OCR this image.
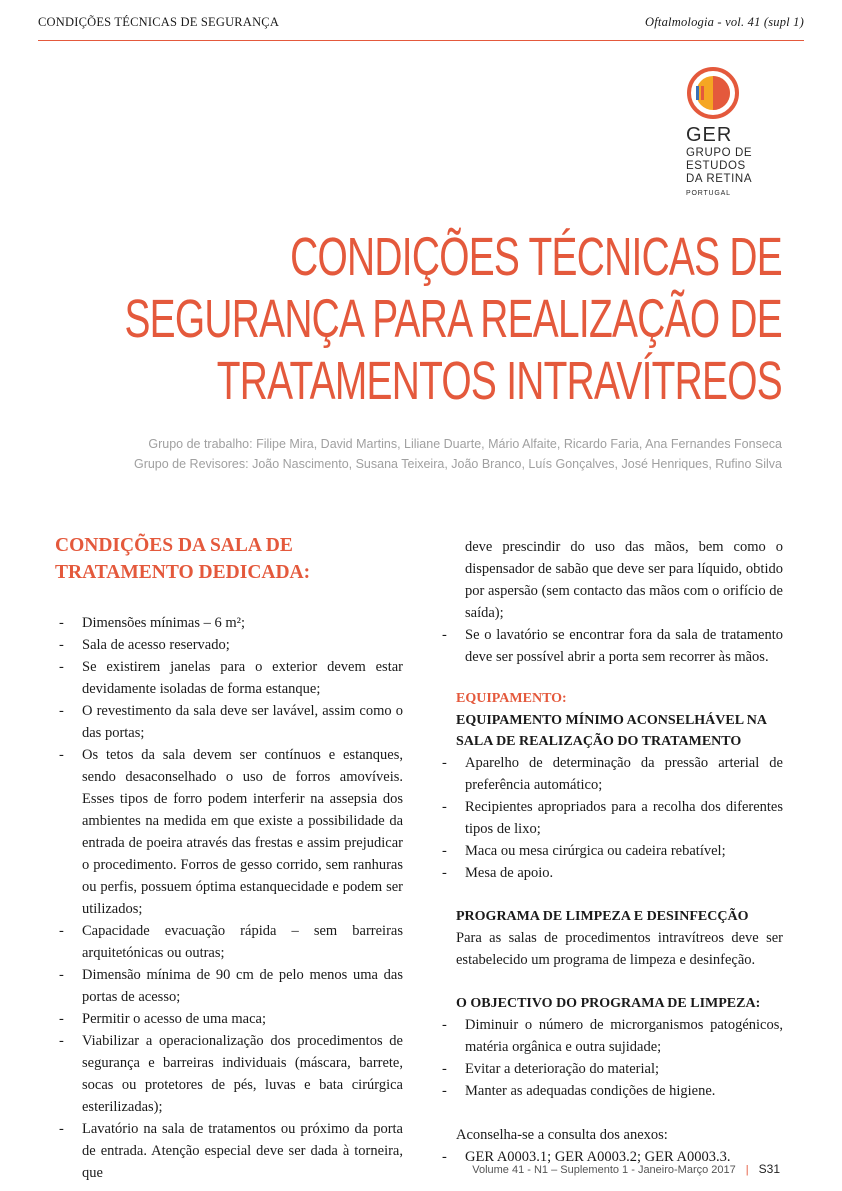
CONDIÇÕES TÉCNICAS DE SEGURANÇA	Oftalmologia - vol. 41 (supl 1)
GER
GRUPO DE
ESTUDOS
DA RETINA
PORTUGAL
CONDIÇÕES TÉCNICAS DE
SEGURANÇA PARA REALIZAÇÃO DE
TRATAMENTOS INTRAVÍTREOS
Grupo de trabalho: Filipe Mira, David Martins, Liliane Duarte, Mário Alfaite, Ricardo Faria, Ana Fernandes Fonseca
Grupo de Revisores: João Nascimento, Susana Teixeira, João Branco, Luís Gonçalves, José Henriques, Rufino Silva
CONDIÇÕES DA SALA DE
TRATAMENTO DEDICADA:
- Dimensões mínimas – 6 m²;
- Sala de acesso reservado;
- Se existirem janelas para o exterior devem estar devidamente isoladas de forma estanque;
- O revestimento da sala deve ser lavável, assim como o das portas;
- Os tetos da sala devem ser contínuos e estanques, sendo desaconselhado o uso de forros amovíveis. Esses tipos de forro podem interferir na assepsia dos ambientes na medida em que existe a possibilidade da entrada de poeira através das frestas e assim prejudicar o procedimento. Forros de gesso corrido, sem ranhuras ou perfis, possuem óptima estanquecidade e podem ser utilizados;
- Capacidade evacuação rápida – sem barreiras arquitetónicas ou outras;
- Dimensão mínima de 90 cm de pelo menos uma das portas de acesso;
- Permitir o acesso de uma maca;
- Viabilizar a operacionalização dos procedimentos de segurança e barreiras individuais (máscara, barrete, socas ou protetores de pés, luvas e bata cirúrgica esterilizadas);
- Lavatório na sala de tratamentos ou próximo da porta de entrada. Atenção especial deve ser dada à torneira, que
deve prescindir do uso das mãos, bem como o dispensador de sabão que deve ser para líquido, obtido por aspersão (sem contacto das mãos com o orifício de saída);
- Se o lavatório se encontrar fora da sala de tratamento deve ser possível abrir a porta sem recorrer às mãos.
EQUIPAMENTO:
EQUIPAMENTO MÍNIMO ACONSELHÁVEL NA SALA DE REALIZAÇÃO DO TRATAMENTO
- Aparelho de determinação da pressão arterial de preferência automático;
- Recipientes apropriados para a recolha dos diferentes tipos de lixo;
- Maca ou mesa cirúrgica ou cadeira rebatível;
- Mesa de apoio.
PROGRAMA DE LIMPEZA E DESINFECÇÃO
Para as salas de procedimentos intravítreos deve ser estabelecido um programa de limpeza e desinfeção.
O OBJECTIVO DO PROGRAMA DE LIMPEZA:
- Diminuir o número de microrganismos patogénicos, matéria orgânica e outra sujidade;
- Evitar a deterioração do material;
- Manter as adequadas condições de higiene.
Aconselha-se a consulta dos anexos:
- GER A0003.1; GER A0003.2; GER A0003.3.
Volume 41 - N1 – Suplemento 1 - Janeiro-Março 2017 | S31
